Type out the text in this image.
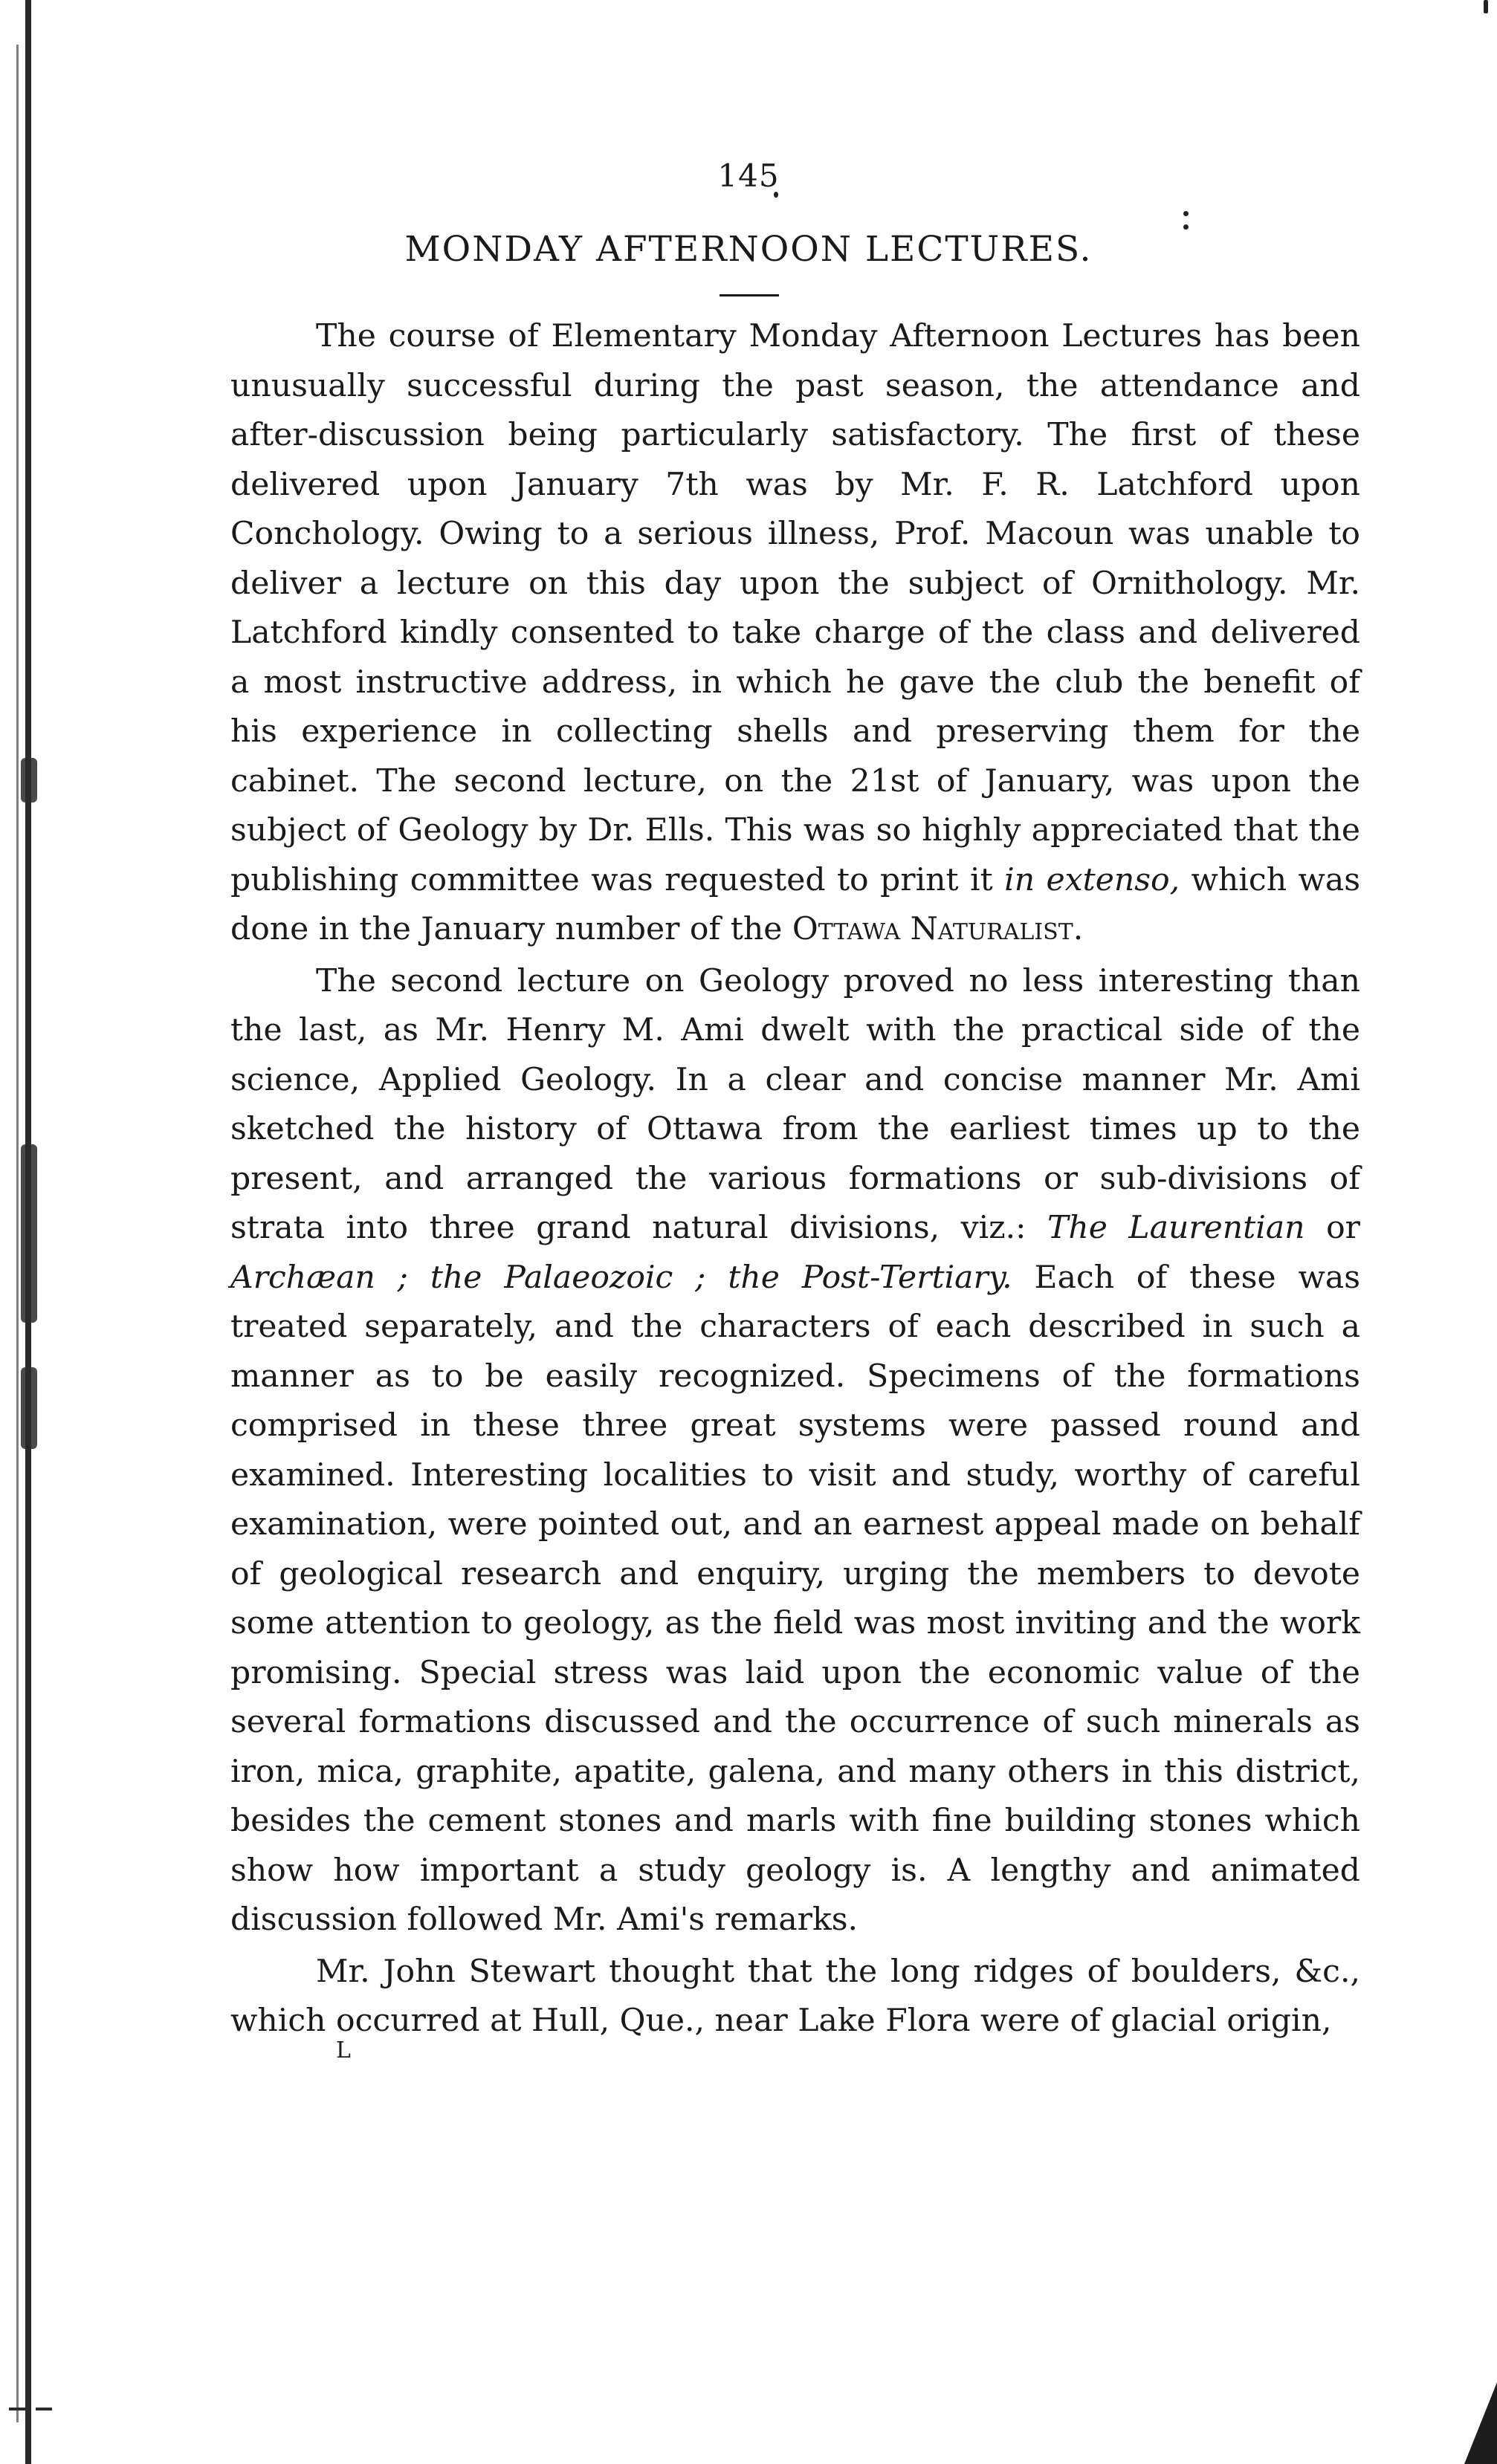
145
MONDAY AFTERNOON LECTURES.

The course of Elementary Monday Afternoon Lectures has been unusually successful during the past season, the attendance and after-discussion being particularly satisfactory. The first of these delivered upon January 7th was by Mr. F. R. Latchford upon Conchology. Owing to a serious illness, Prof. Macoun was unable to deliver a lecture on this day upon the subject of Ornithology. Mr. Latchford kindly consented to take charge of the class and delivered a most instructive address, in which he gave the club the benefit of his experience in collecting shells and preserving them for the cabinet. The second lecture, on the 21st of January, was upon the subject of Geology by Dr. Ells. This was so highly appreciated that the publishing committee was requested to print it in extenso, which was done in the January number of the Ottawa Naturalist.

The second lecture on Geology proved no less interesting than the last, as Mr. Henry M. Ami dwelt with the practical side of the science, Applied Geology. In a clear and concise manner Mr. Ami sketched the history of Ottawa from the earliest times up to the present, and arranged the various formations or sub-divisions of strata into three grand natural divisions, viz.: The Laurentian or Archæan ; the Palaeozoic ; the Post-Tertiary. Each of these was treated separately, and the characters of each described in such a manner as to be easily recognized. Specimens of the formations comprised in these three great systems were passed round and examined. Interesting localities to visit and study, worthy of careful examination, were pointed out, and an earnest appeal made on behalf of geological research and enquiry, urging the members to devote some attention to geology, as the field was most inviting and the work promising. Special stress was laid upon the economic value of the several formations discussed and the occurrence of such minerals as iron, mica, graphite, apatite, galena, and many others in this district, besides the cement stones and marls with fine building stones which show how important a study geology is. A lengthy and animated discussion followed Mr. Ami's remarks.

Mr. John Stewart thought that the long ridges of boulders, &c., which occurred at Hull, Que., near Lake Flora were of glacial origin,

L
